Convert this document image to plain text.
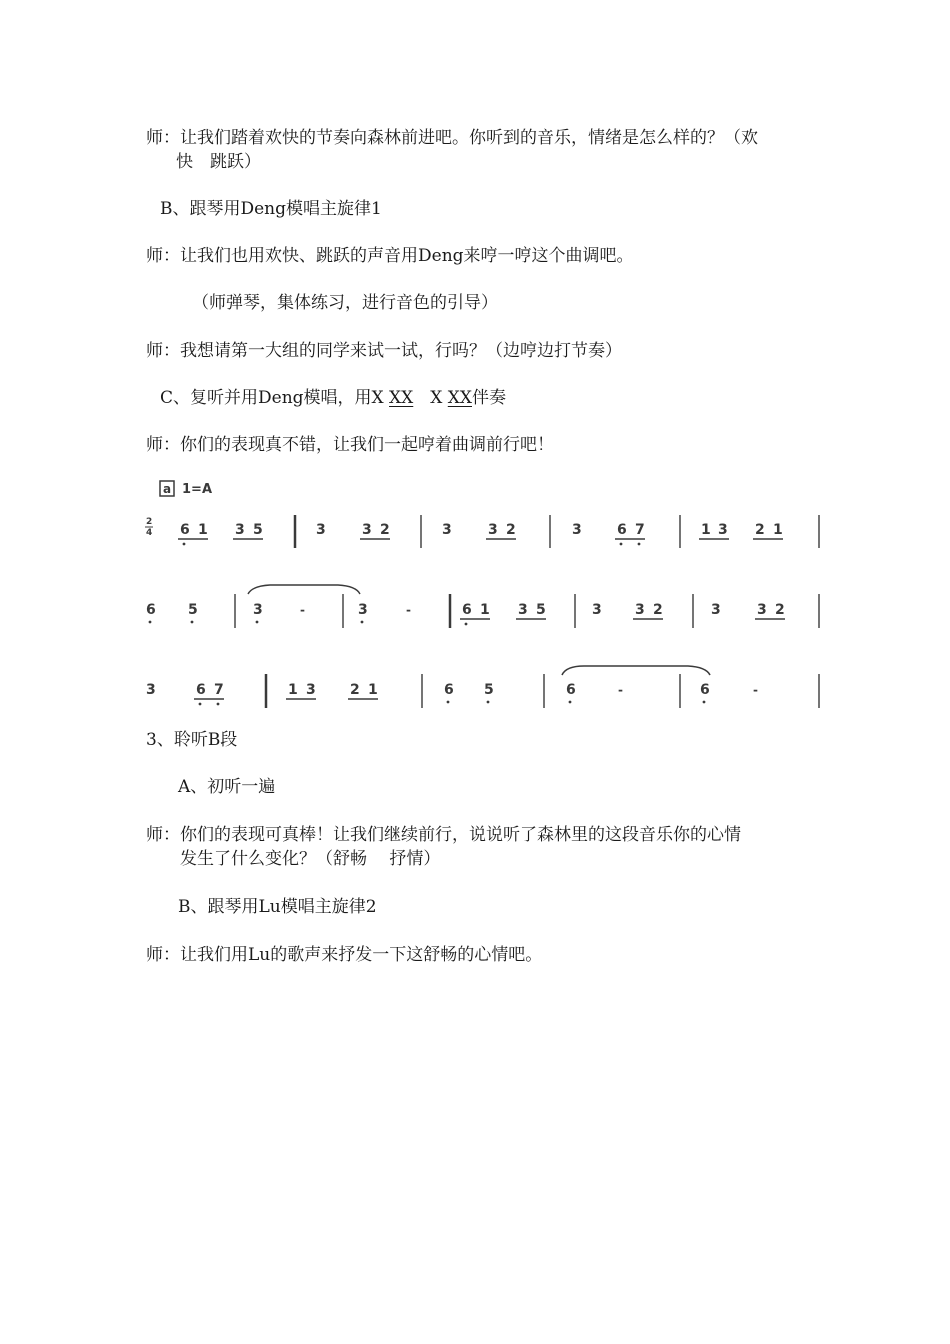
师：让我们踏着欢快的节奏向森林前进吧。你听到的音乐，情绪是怎么样的？（欢
快　跳跃）
B、跟琴用Deng模唱主旋律1
师：让我们也用欢快、跳跃的声音用Deng来哼一哼这个曲调吧。
（师弹琴，集体练习，进行音色的引导）
师：我想请第一大组的同学来试一试，行吗？（边哼边打节奏）
C、复听并用Deng模唱，用X XX　X XX伴奏
师：你们的表现真不错，让我们一起哼着曲调前行吧！
a 1=A
2
4 6 1 3 5	3	3 2	3	3 2	3	6 7	1 3 2 1
6 5	3	-	3	-	6 1 3 5	3 3 2	3	3 2
3	6 7	1 3 2 1	6 5	6	-	6	-
3、聆听B段
A、初听一遍
师：你们的表现可真棒！让我们继续前行，说说听了森林里的这段音乐你的心情
发生了什么变化？（舒畅　 抒情）
B、跟琴用Lu模唱主旋律2
师：让我们用Lu的歌声来抒发一下这舒畅的心情吧。
